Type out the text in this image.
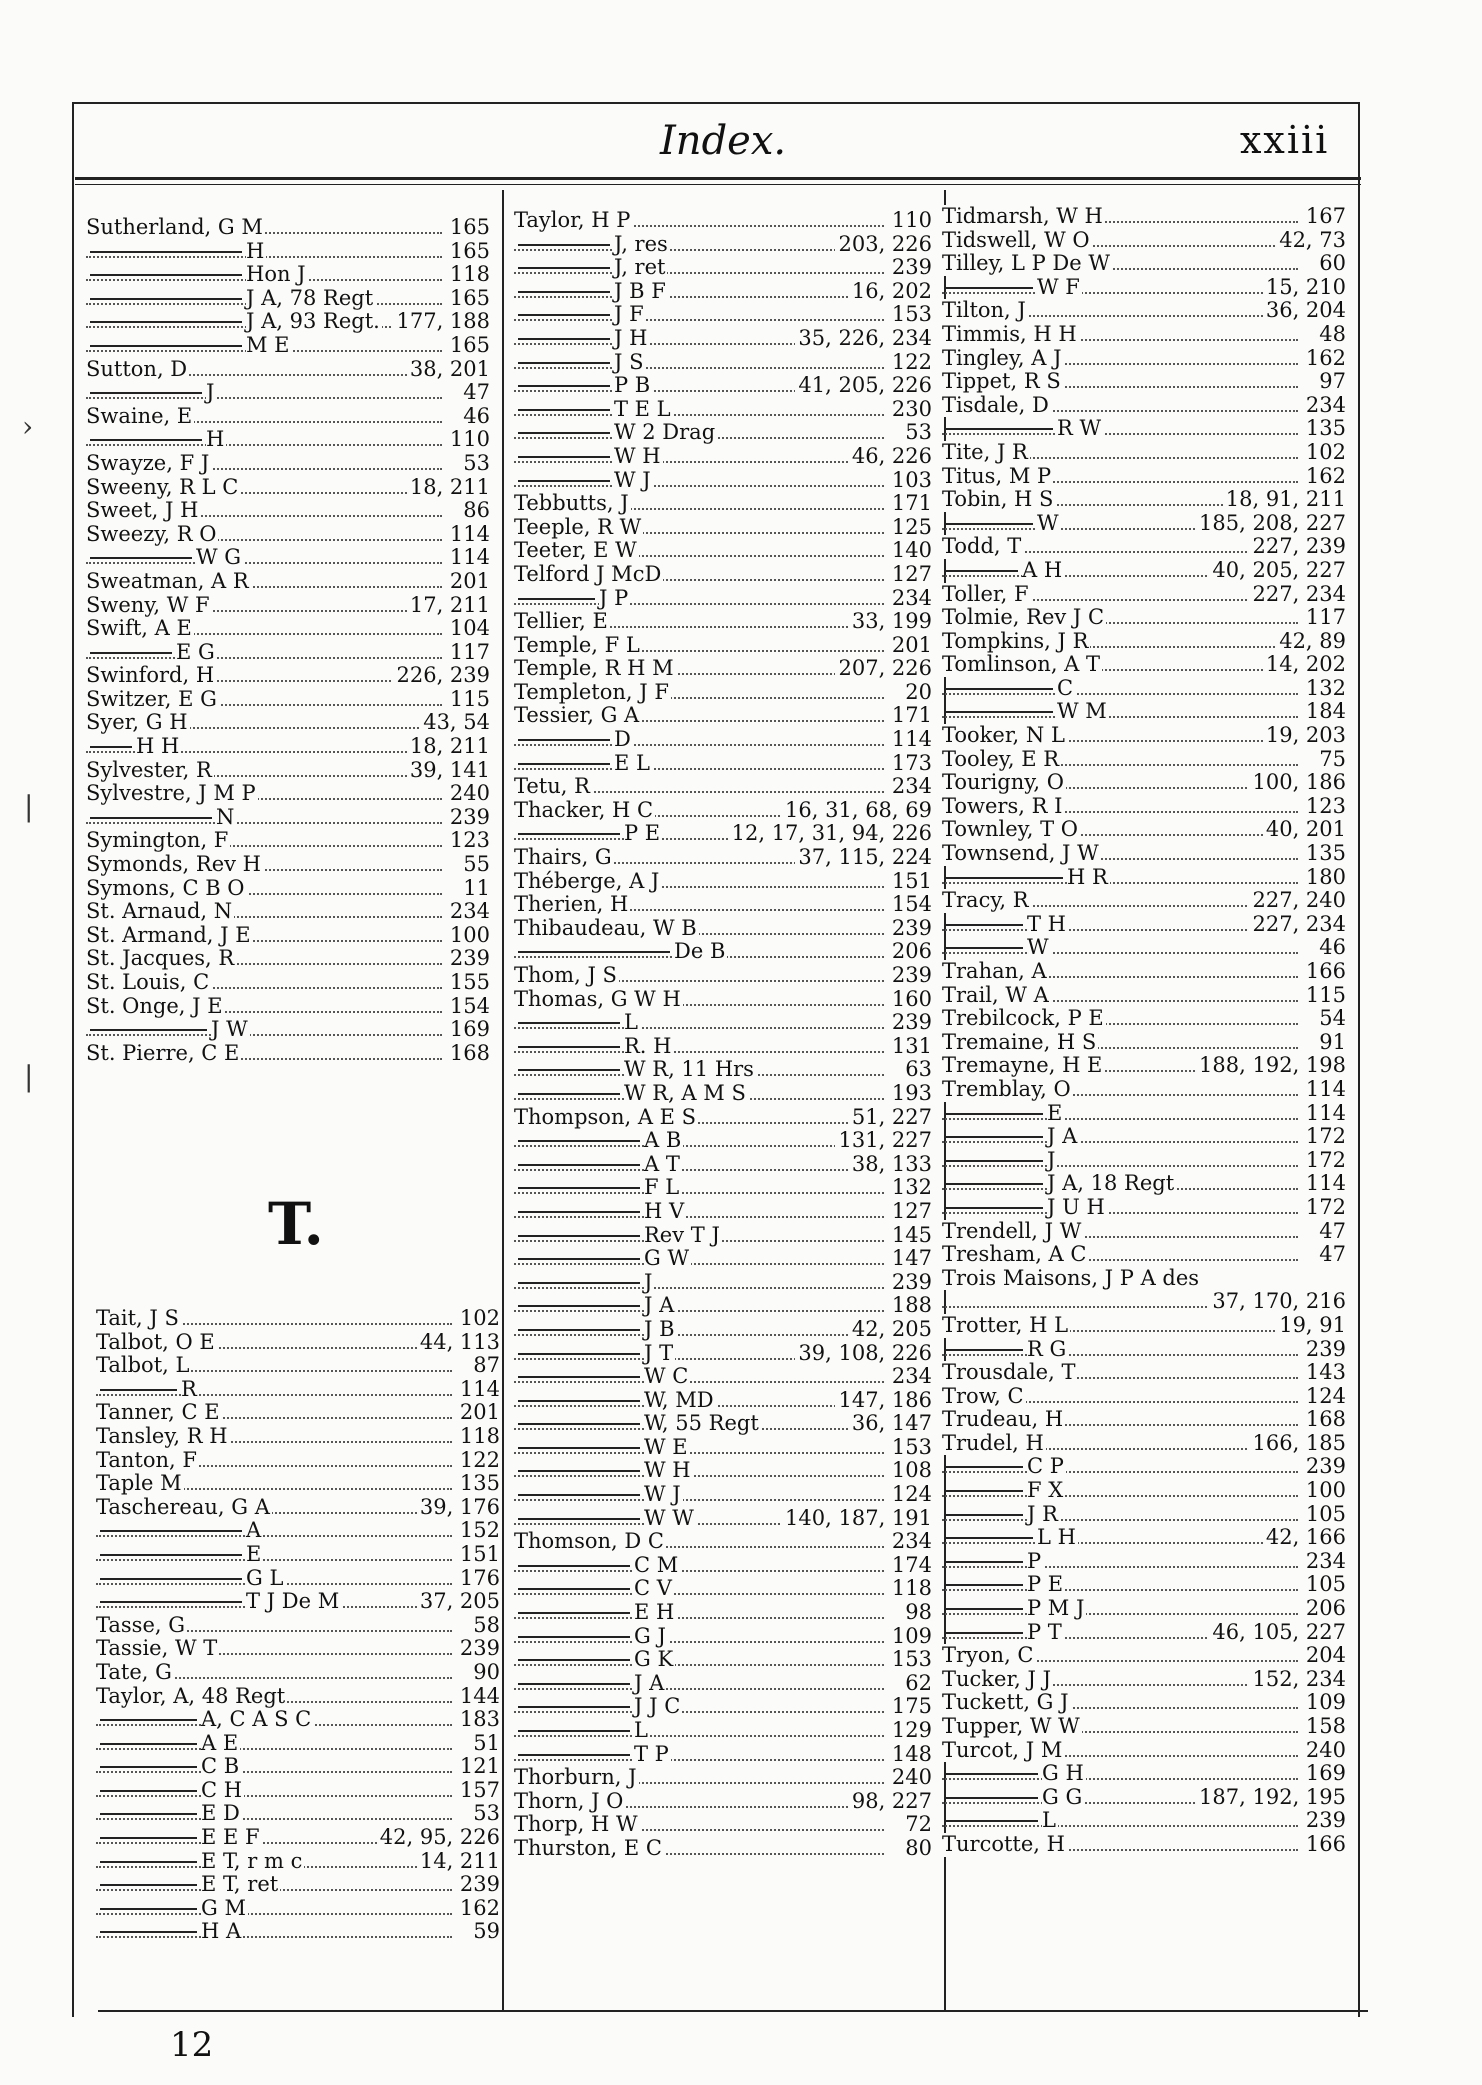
Index.	xxiii
Sutherland, G M	165
H	165
Hon J	118
J A, 78 Regt	165
J A, 93 Regt. 177, 188
M E	165
Sutton, D	38, 201
J	47
Swaine, E	46
H	110
Swayze, F J	53
Sweeny, R L C	18, 211
Sweet, J H	86
Sweezy, R O	114
W G	114
Sweatman, A R	201
Sweny, W F	17, 211
Swift, A E	104
E G	117
Swinford, H	226, 239
Switzer, E G	115
Syer, G H	43, 54
H H	18, 211
Sylvester, R	39, 141
Sylvestre, J M P	240
N	239
Symington, F	123
Symonds, Rev H	55
Symons, C B O	11
St. Arnaud, N	234
St. Armand, J E	100
St. Jacques, R	239
St. Louis, C	155
St. Onge, J E	154
J W	169
St. Pierre, C E	168
T.
Tait, J S	102
Talbot, O E	44, 113
Talbot, L	87
R	114
Tanner, C E	201
Tansley, R H	118
Tanton, F	122
Taple M	135
Taschereau, G A	39, 176
A	152
E	151
G L	176
T J De M	37, 205
Tasse, G	58
Tassie, W T	239
Tate, G	90
Taylor, A, 48 Regt	144
A, C A S C	183
A E	51
C B	121
C H	157
E D	53
E E F	42, 95, 226
E T, r m c	14, 211
E T, ret	239
G M	162
H A	59
Taylor, H P	110
J, res	203, 226
J, ret	239
J B F	16, 202
J F	153
J H	35, 226, 234
J S	122
P B	41, 205, 226
T E L	230
W 2 Drag	53
W H	46, 226
W J	103
Tebbutts, J	171
Teeple, R W	125
Teeter, E W	140
Telford J McD	127
J P	234
Tellier, E	33, 199
Temple, F L	201
Temple, R H M	207, 226
Templeton, J F	20
Tessier, G A	171
D	114
E L	173
Tetu, R	234
Thacker, H C	16, 31, 68, 69
P E	12, 17, 31, 94, 226
Thairs, G	37, 115, 224
Théberge, A J	151
Therien, H	154
Thibaudeau, W B	239
De B	206
Thom, J S	239
Thomas, G W H	160
L	239
R. H	131
W R, 11 Hrs	63
W R, A M S	193
Thompson, A E S	51, 227
A B	131, 227
A T	38, 133
F L	132
H V	127
Rev T J	145
G W	147
J	239
J A	188
J B	42, 205
J T	39, 108, 226
W C	234
W, MD	147, 186
W, 55 Regt	36, 147
W E	153
W H	108
W J	124
W W	140, 187, 191
Thomson, D C	234
C M	174
C V	118
E H	98
G J	109
G K	153
J A	62
J J C	175
L	129
T P	148
Thorburn, J	240
Thorn, J O	98, 227
Thorp, H W	72
Thurston, E C	80
Tidmarsh, W H	167
Tidswell, W O	42, 73
Tilley, L P De W	60
W F	15, 210
Tilton, J	36, 204
Timmis, H H	48
Tingley, A J	162
Tippet, R S	97
Tisdale, D	234
R W	135
Tite, J R	102
Titus, M P	162
Tobin, H S	18, 91, 211
W	185, 208, 227
Todd, T	227, 239
A H	40, 205, 227
Toller, F	227, 234
Tolmie, Rev J C	117
Tompkins, J R	42, 89
Tomlinson, A T	14, 202
C	132
W M	184
Tooker, N L	19, 203
Tooley, E R	75
Tourigny, O	100, 186
Towers, R I	123
Townley, T O	40, 201
Townsend, J W	135
H R	180
Tracy, R	227, 240
T H	227, 234
W	46
Trahan, A	166
Trail, W A	115
Trebilcock, P E	54
Tremaine, H S	91
Tremayne, H E	188, 192, 198
Tremblay, O	114
E	114
J A	172
J	172
J A, 18 Regt	114
J U H	172
Trendell, J W	47
Tresham, A C	47
Trois Maisons, J P A des
37, 170, 216
Trotter, H L	19, 91
R G	239
Trousdale, T	143
Trow, C	124
Trudeau, H	168
Trudel, H	166, 185
C P	239
F X	100
J R	105
L H	42, 166
P	234
P E	105
P M J	206
P T	46, 105, 227
Tryon, C	204
Tucker, J J	152, 234
Tuckett, G J	109
Tupper, W W	158
Turcot, J M	240
G H	169
G G	187, 192, 195
L	239
Turcotte, H	166
12
›
|
|
